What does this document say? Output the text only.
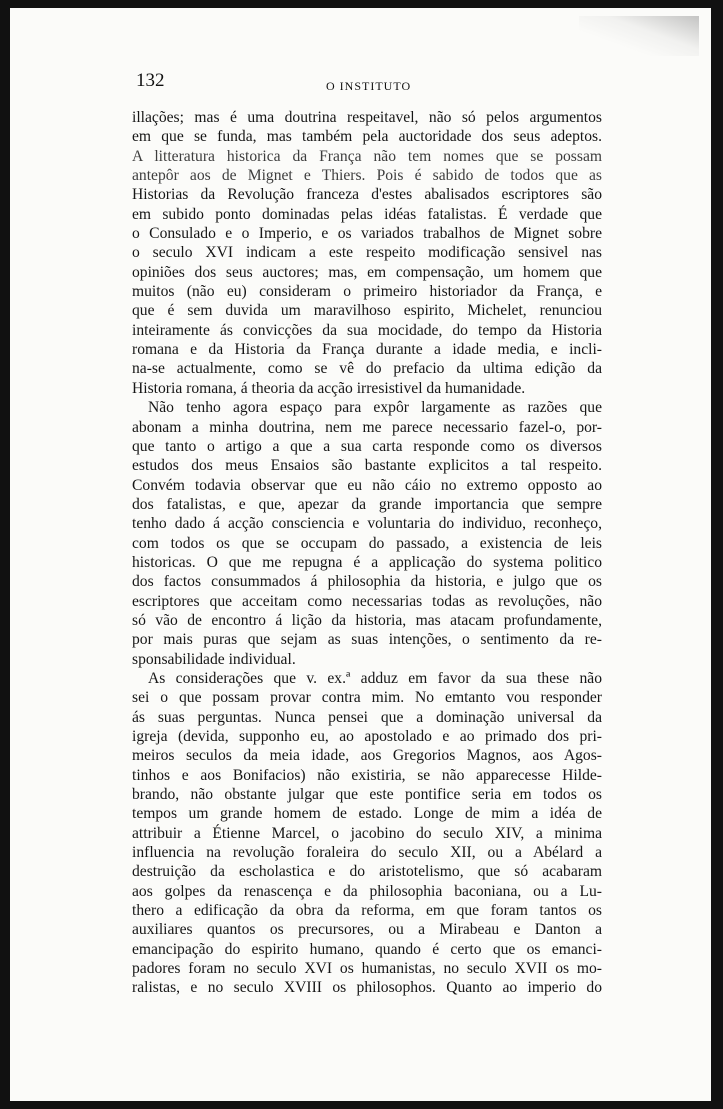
132	O INSTITUTO
illações; mas é uma doutrina respeitavel, não só pelos argumentos
em que se funda, mas também pela auctoridade dos seus adeptos.
A litteratura historica da França não tem nomes que se possam
antepôr aos de Mignet e Thiers. Pois é sabido de todos que as
Historias da Revolução franceza d'estes abalisados escriptores são
em subido ponto dominadas pelas idéas fatalistas. É verdade que
o Consulado e o Imperio, e os variados trabalhos de Mignet sobre
o seculo XVI indicam a este respeito modificação sensivel nas
opiniões dos seus auctores; mas, em compensação, um homem que
muitos (não eu) consideram o primeiro historiador da França, e
que é sem duvida um maravilhoso espirito, Michelet, renunciou
inteiramente ás convicções da sua mocidade, do tempo da Historia
romana e da Historia da França durante a idade media, e incli-
na-se actualmente, como se vê do prefacio da ultima edição da
Historia romana, á theoria da acção irresistivel da humanidade.
Não tenho agora espaço para expôr largamente as razões que
abonam a minha doutrina, nem me parece necessario fazel-o, por-
que tanto o artigo a que a sua carta responde como os diversos
estudos dos meus Ensaios são bastante explicitos a tal respeito.
Convém todavia observar que eu não cáio no extremo opposto ao
dos fatalistas, e que, apezar da grande importancia que sempre
tenho dado á acção consciencia e voluntaria do individuo, reconheço,
com todos os que se occupam do passado, a existencia de leis
historicas. O que me repugna é a applicação do systema politico
dos factos consummados á philosophia da historia, e julgo que os
escriptores que acceitam como necessarias todas as revoluções, não
só vão de encontro á lição da historia, mas atacam profundamente,
por mais puras que sejam as suas intenções, o sentimento da re-
sponsabilidade individual.
As considerações que v. ex.ª adduz em favor da sua these não
sei o que possam provar contra mim. No emtanto vou responder
ás suas perguntas. Nunca pensei que a dominação universal da
igreja (devida, supponho eu, ao apostolado e ao primado dos pri-
meiros seculos da meia idade, aos Gregorios Magnos, aos Agos-
tinhos e aos Bonifacios) não existiria, se não apparecesse Hilde-
brando, não obstante julgar que este pontifice seria em todos os
tempos um grande homem de estado. Longe de mim a idéa de
attribuir a Étienne Marcel, o jacobino do seculo XIV, a minima
influencia na revolução foraleira do seculo XII, ou a Abélard a
destruição da escholastica e do aristotelismo, que só acabaram
aos golpes da renascença e da philosophia baconiana, ou a Lu-
thero a edificação da obra da reforma, em que foram tantos os
auxiliares quantos os precursores, ou a Mirabeau e Danton a
emancipação do espirito humano, quando é certo que os emanci-
padores foram no seculo XVI os humanistas, no seculo XVII os mo-
ralistas, e no seculo XVIII os philosophos. Quanto ao imperio do
